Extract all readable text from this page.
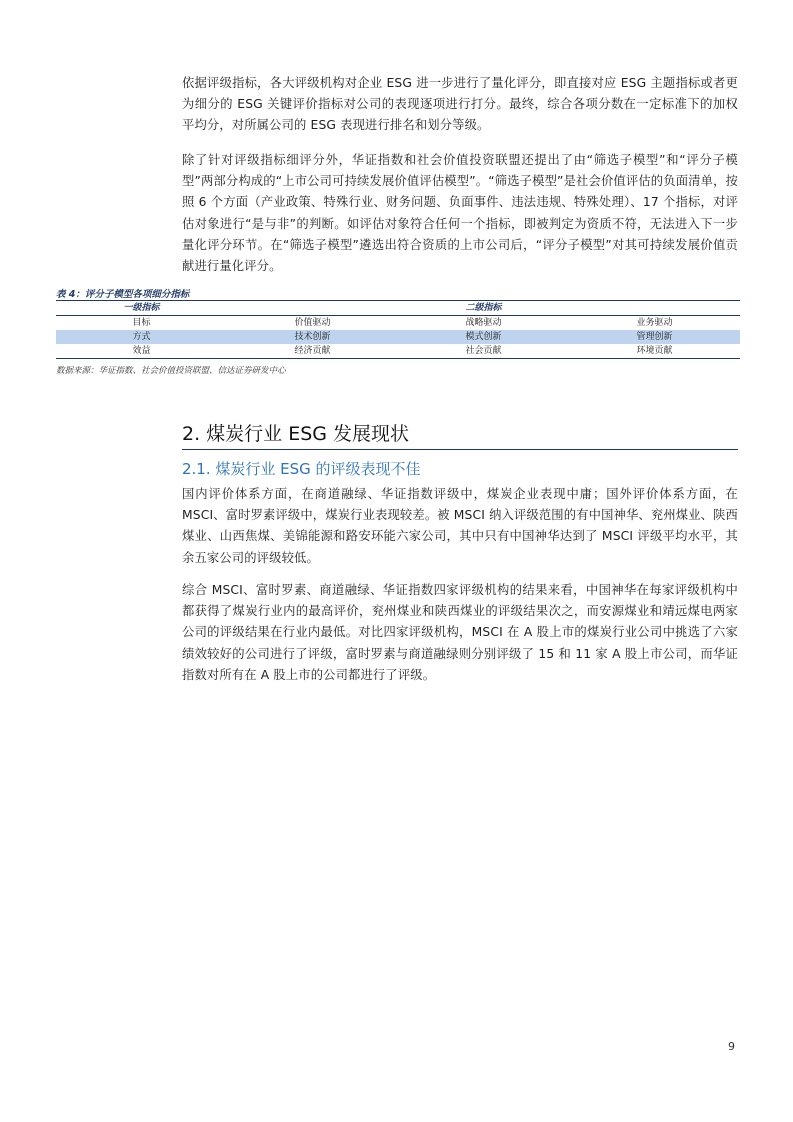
依据评级指标，各大评级机构对企业 ESG 进一步进行了量化评分，即直接对应 ESG 主题指标或者更为细分的 ESG 关键评价指标对公司的表现逐项进行打分。最终，综合各项分数在一定标准下的加权平均分，对所属公司的 ESG 表现进行排名和划分等级。

除了针对评级指标细评分外，华证指数和社会价值投资联盟还提出了由“筛选子模型”和“评分子模型”两部分构成的“上市公司可持续发展价值评估模型”。“筛选子模型”是社会价值评估的负面清单，按照 6 个方面（产业政策、特殊行业、财务问题、负面事件、违法违规、特殊处理）、17 个指标，对评估对象进行“是与非”的判断。如评估对象符合任何一个指标，即被判定为资质不符，无法进入下一步量化评分环节。在“筛选子模型”遴选出符合资质的上市公司后，“评分子模型”对其可持续发展价值贡献进行量化评分。

表 4：评分子模型各项细分指标
一级指标	二级指标		
目标	价值驱动	战略驱动	业务驱动
方式	技术创新	模式创新	管理创新
效益	经济贡献	社会贡献	环境贡献
数据来源：华证指数、社会价值投资联盟、信达证券研发中心
2. 煤炭行业 ESG 发展现状
2.1. 煤炭行业 ESG 的评级表现不佳

国内评价体系方面，在商道融绿、华证指数评级中，煤炭企业表现中庸；国外评价体系方面，在 MSCI、富时罗素评级中，煤炭行业表现较差。被 MSCI 纳入评级范围的有中国神华、兖州煤业、陕西煤业、山西焦煤、美锦能源和路安环能六家公司，其中只有中国神华达到了 MSCI 评级平均水平，其余五家公司的评级较低。

综合 MSCI、富时罗素、商道融绿、华证指数四家评级机构的结果来看，中国神华在每家评级机构中都获得了煤炭行业内的最高评价，兖州煤业和陕西煤业的评级结果次之，而安源煤业和靖远煤电两家公司的评级结果在行业内最低。对比四家评级机构，MSCI 在 A 股上市的煤炭行业公司中挑选了六家绩效较好的公司进行了评级，富时罗素与商道融绿则分别评级了 15 和 11 家 A 股上市公司，而华证指数对所有在 A 股上市的公司都进行了评级。

9
